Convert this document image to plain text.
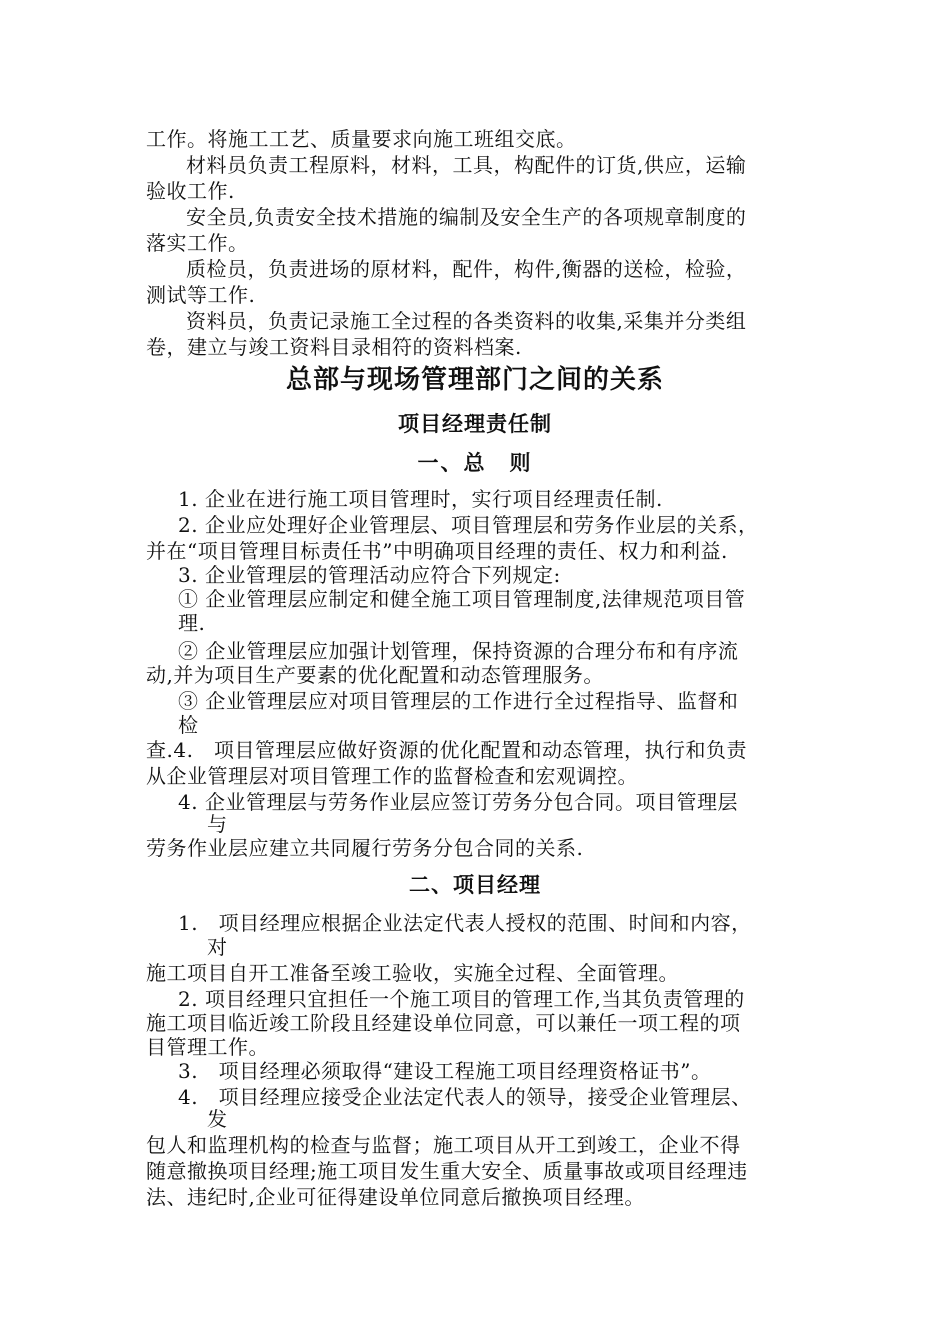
工作。将施工工艺、质量要求向施工班组交底。

材料员负责工程原料，材料，工具，构配件的订货,供应，运输

验收工作.

安全员,负责安全技术措施的编制及安全生产的各项规章制度的

落实工作。

质检员，负责进场的原材料，配件，构件,衡器的送检，检验，

测试等工作.

资料员，负责记录施工全过程的各类资料的收集,采集并分类组

卷，建立与竣工资料目录相符的资料档案.

总部与现场管理部门之间的关系
项目经理责任制
一、总　则

1. 企业在进行施工项目管理时，实行项目经理责任制.

2. 企业应处理好企业管理层、项目管理层和劳务作业层的关系，

并在“项目管理目标责任书”中明确项目经理的责任、权力和利益.

3. 企业管理层的管理活动应符合下列规定:

① 企业管理层应制定和健全施工项目管理制度,法律规范项目管

理.

② 企业管理层应加强计划管理，保持资源的合理分布和有序流

动,并为项目生产要素的优化配置和动态管理服务。

③ 企业管理层应对项目管理层的工作进行全过程指导、监督和

检

查.4.　项目管理层应做好资源的优化配置和动态管理，执行和负责

从企业管理层对项目管理工作的监督检查和宏观调控。

4. 企业管理层与劳务作业层应签订劳务分包合同。项目管理层

与

劳务作业层应建立共同履行劳务分包合同的关系.

二、项目经理

1.　项目经理应根据企业法定代表人授权的范围、时间和内容，

对

施工项目自开工准备至竣工验收，实施全过程、全面管理。

2. 项目经理只宜担任一个施工项目的管理工作,当其负责管理的

施工项目临近竣工阶段且经建设单位同意，可以兼任一项工程的项

目管理工作。

3.　项目经理必须取得“建设工程施工项目经理资格证书”。

4.　项目经理应接受企业法定代表人的领导，接受企业管理层、

发

包人和监理机构的检查与监督；施工项目从开工到竣工，企业不得

随意撤换项目经理;施工项目发生重大安全、质量事故或项目经理违

法、违纪时,企业可征得建设单位同意后撤换项目经理。
